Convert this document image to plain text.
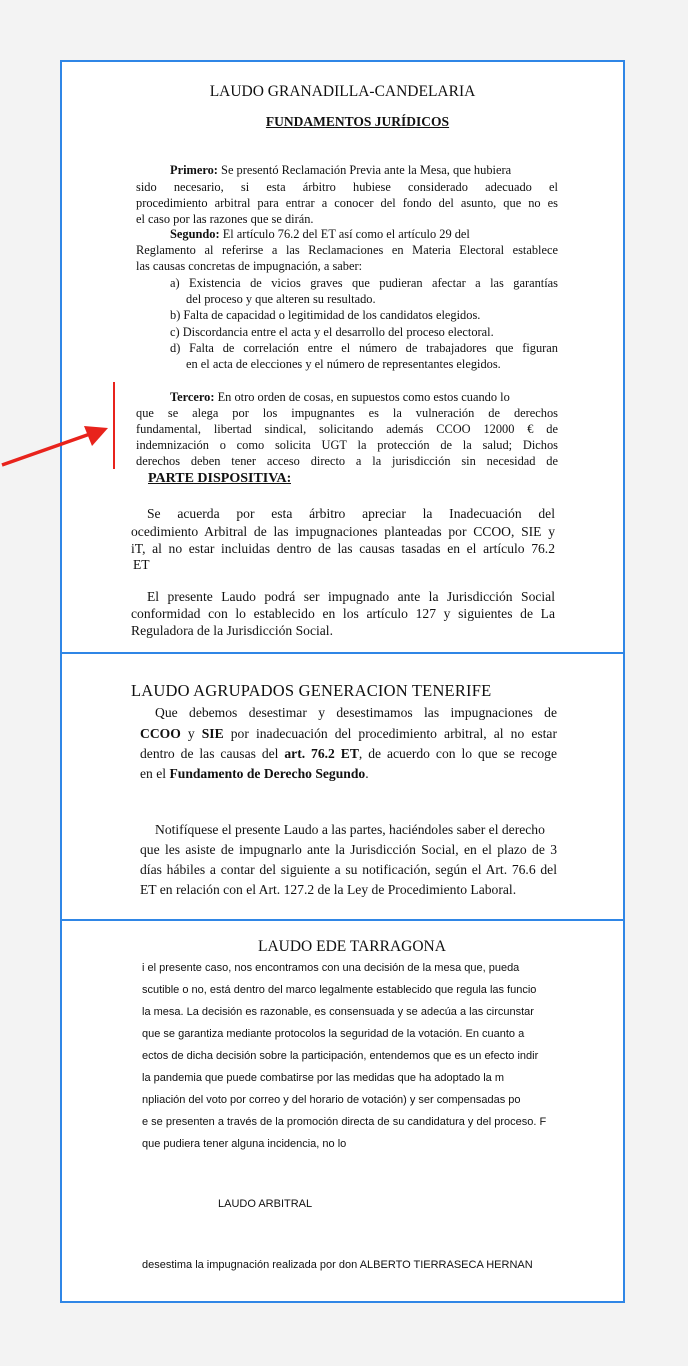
LAUDO GRANADILLA-CANDELARIA
FUNDAMENTOS JURÍDICOS
Primero: Se presentó Reclamación Previa ante la Mesa, que hubiera
sido necesario, si esta árbitro hubiese considerado adecuado el
procedimiento arbitral para entrar a conocer del fondo del asunto, que no es
el caso por las razones que se dirán.
Segundo: El artículo 76.2 del ET así como el artículo 29 del
Reglamento al referirse a las Reclamaciones en Materia Electoral establece
las causas concretas de impugnación, a saber:
a) Existencia de vicios graves que pudieran afectar a las garantías
del proceso y que alteren su resultado.
b) Falta de capacidad o legitimidad de los candidatos elegidos.
c) Discordancia entre el acta y el desarrollo del proceso electoral.
d) Falta de correlación entre el número de trabajadores que figuran
en el acta de elecciones y el número de representantes elegidos.
Tercero: En otro orden de cosas, en supuestos como estos cuando lo
que se alega por los impugnantes es la vulneración de derechos
fundamental, libertad sindical, solicitando además CCOO 12000 € de
indemnización o como solicita UGT la protección de la salud; Dichos
derechos deben tener acceso directo a la jurisdicción sin necesidad de
PARTE DISPOSITIVA:
Se acuerda por esta árbitro apreciar la Inadecuación del
ocedimiento Arbitral de las impugnaciones planteadas por CCOO, SIE y
iT, al no estar incluidas dentro de las causas tasadas en el artículo 76.2
ET
El presente Laudo podrá ser impugnado ante la Jurisdicción Social
conformidad con lo establecido en los artículo 127 y siguientes de La
Reguladora de la Jurisdicción Social.
LAUDO AGRUPADOS GENERACION TENERIFE
Que debemos desestimar y desestimamos las impugnaciones de
CCOO y SIE por inadecuación del procedimiento arbitral, al no estar
dentro de las causas del art. 76.2 ET, de acuerdo con lo que se recoge
en el Fundamento de Derecho Segundo.
Notifíquese el presente Laudo a las partes, haciéndoles saber el derecho
que les asiste de impugnarlo ante la Jurisdicción Social, en el plazo de 3
días hábiles a contar del siguiente a su notificación, según el Art. 76.6 del
ET en relación con el Art. 127.2 de la Ley de Procedimiento Laboral.
LAUDO EDE TARRAGONA
i el presente caso, nos encontramos con una decisión de la mesa que, pueda
scutible o no, está dentro del marco legalmente establecido que regula las funcio
la mesa. La decisión es razonable, es consensuada y se adecúa a las circunstar
que se garantiza mediante protocolos la seguridad de la votación. En cuanto a
ectos de dicha decisión sobre la participación, entendemos que es un efecto indir
la pandemia que puede combatirse por las medidas que ha adoptado la m
npliación del voto por correo y del horario de votación) y ser compensadas po
e se presenten a través de la promoción directa de su candidatura y del proceso. F
que pudiera tener alguna incidencia, no lo
LAUDO ARBITRAL
desestima la impugnación realizada por don ALBERTO TIERRASECA HERNAN
